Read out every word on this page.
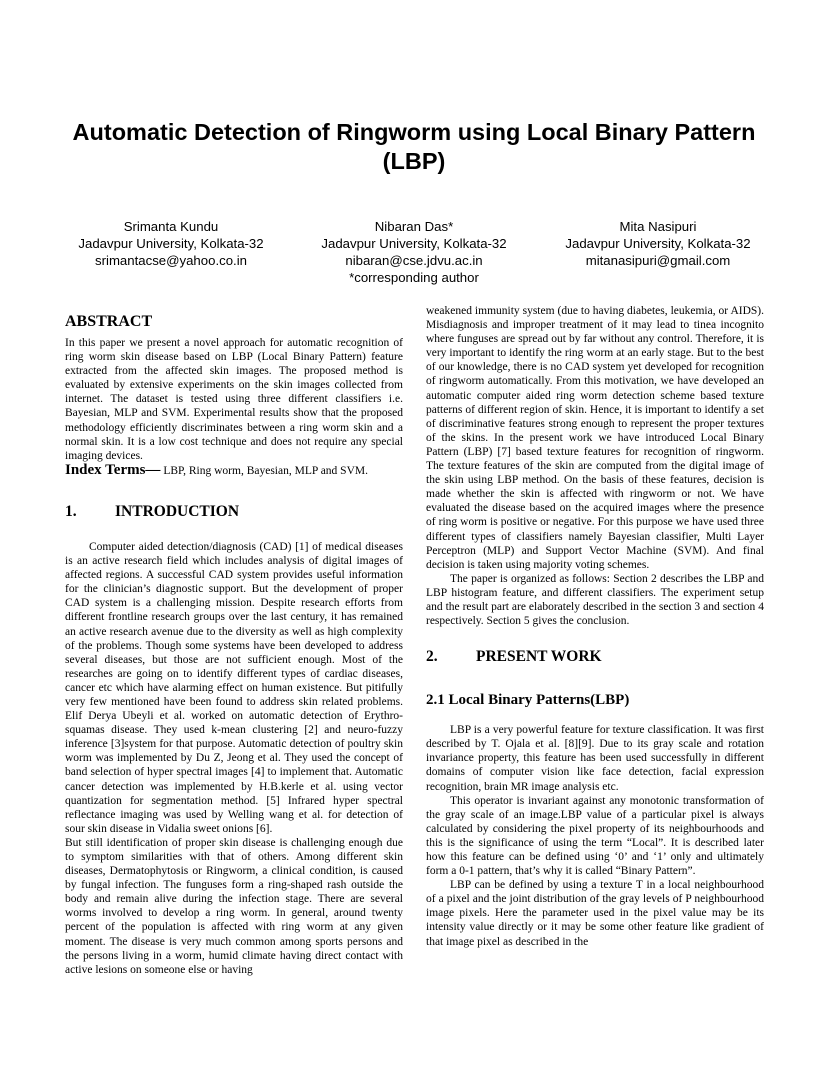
Automatic Detection of Ringworm using Local Binary Pattern (LBP)
Srimanta Kundu
Jadavpur University, Kolkata-32
srimantacse@yahoo.co.in
Nibaran Das*
Jadavpur University, Kolkata-32
nibaran@cse.jdvu.ac.in
*corresponding author
Mita Nasipuri
Jadavpur University, Kolkata-32
mitanasipuri@gmail.com
ABSTRACT

In this paper we present a novel approach for automatic recognition of ring worm skin disease based on LBP (Local Binary Pattern) feature extracted from the affected skin images. The proposed method is evaluated by extensive experiments on the skin images collected from internet. The dataset is tested using three different classifiers i.e. Bayesian, MLP and SVM. Experimental results show that the proposed methodology efficiently discriminates between a ring worm skin and a normal skin. It is a low cost technique and does not require any special imaging devices.

Index Terms— LBP, Ring worm, Bayesian, MLP and SVM.

1.	INTRODUCTION

Computer aided detection/diagnosis (CAD) [1] of medical diseases is an active research field which includes analysis of digital images of affected regions. A successful CAD system provides useful information for the clinician’s diagnostic support. But the development of proper CAD system is a challenging mission. Despite research efforts from different frontline research groups over the last century, it has remained an active research avenue due to the diversity as well as high complexity of the problems. Though some systems have been developed to address several diseases, but those are not sufficient enough. Most of the researches are going on to identify different types of cardiac diseases, cancer etc which have alarming effect on human existence. But pitifully very few mentioned have been found to address skin related problems. Elif Derya Ubeyli et al. worked on automatic detection of Erythro-squamas disease. They used k-mean clustering [2] and neuro-fuzzy inference [3]system for that purpose. Automatic detection of poultry skin worm was implemented by Du Z, Jeong et al. They used the concept of band selection of hyper spectral images [4] to implement that. Automatic cancer detection was implemented by H.B.kerle et al. using vector quantization for segmentation method. [5] Infrared hyper spectral reflectance imaging was used by Welling wang et al. for detection of sour skin disease in Vidalia sweet onions [6].

But still identification of proper skin disease is challenging enough due to symptom similarities with that of others. Among different skin diseases, Dermatophytosis or Ringworm, a clinical condition, is caused by fungal infection. The funguses form a ring-shaped rash outside the body and remain alive during the infection stage. There are several worms involved to develop a ring worm. In general, around twenty percent of the population is affected with ring worm at any given moment. The disease is very much common among sports persons and the persons living in a worm, humid climate having direct contact with active lesions on someone else or having

weakened immunity system (due to having diabetes, leukemia, or AIDS). Misdiagnosis and improper treatment of it may lead to tinea incognito where funguses are spread out by far without any control. Therefore, it is very important to identify the ring worm at an early stage. But to the best of our knowledge, there is no CAD system yet developed for recognition of ringworm automatically. From this motivation, we have developed an automatic computer aided ring worm detection scheme based texture patterns of different region of skin. Hence, it is important to identify a set of discriminative features strong enough to represent the proper textures of the skins. In the present work we have introduced Local Binary Pattern (LBP) [7] based texture features for recognition of ringworm. The texture features of the skin are computed from the digital image of the skin using LBP method. On the basis of these features, decision is made whether the skin is affected with ringworm or not. We have evaluated the disease based on the acquired images where the presence of ring worm is positive or negative. For this purpose we have used three different types of classifiers namely Bayesian classifier, Multi Layer Perceptron (MLP) and Support Vector Machine (SVM). And final decision is taken using majority voting schemes.

The paper is organized as follows: Section 2 describes the LBP and LBP histogram feature, and different classifiers. The experiment setup and the result part are elaborately described in the section 3 and section 4 respectively. Section 5 gives the conclusion.

2.	PRESENT WORK
2.1 Local Binary Patterns(LBP)

LBP is a very powerful feature for texture classification. It was first described by T. Ojala et al. [8][9]. Due to its gray scale and rotation invariance property, this feature has been used successfully in different domains of computer vision like face detection, facial expression recognition, brain MR image analysis etc.

This operator is invariant against any monotonic transformation of the gray scale of an image.LBP value of a particular pixel is always calculated by considering the pixel property of its neighbourhoods and this is the significance of using the term “Local”. It is described later how this feature can be defined using ‘0’ and ‘1’ only and ultimately form a 0-1 pattern, that’s why it is called “Binary Pattern”.

LBP can be defined by using a texture T in a local neighbourhood of a pixel and the joint distribution of the gray levels of P neighbourhood image pixels. Here the parameter used in the pixel value may be its intensity value directly or it may be some other feature like gradient of that image pixel as described in the
